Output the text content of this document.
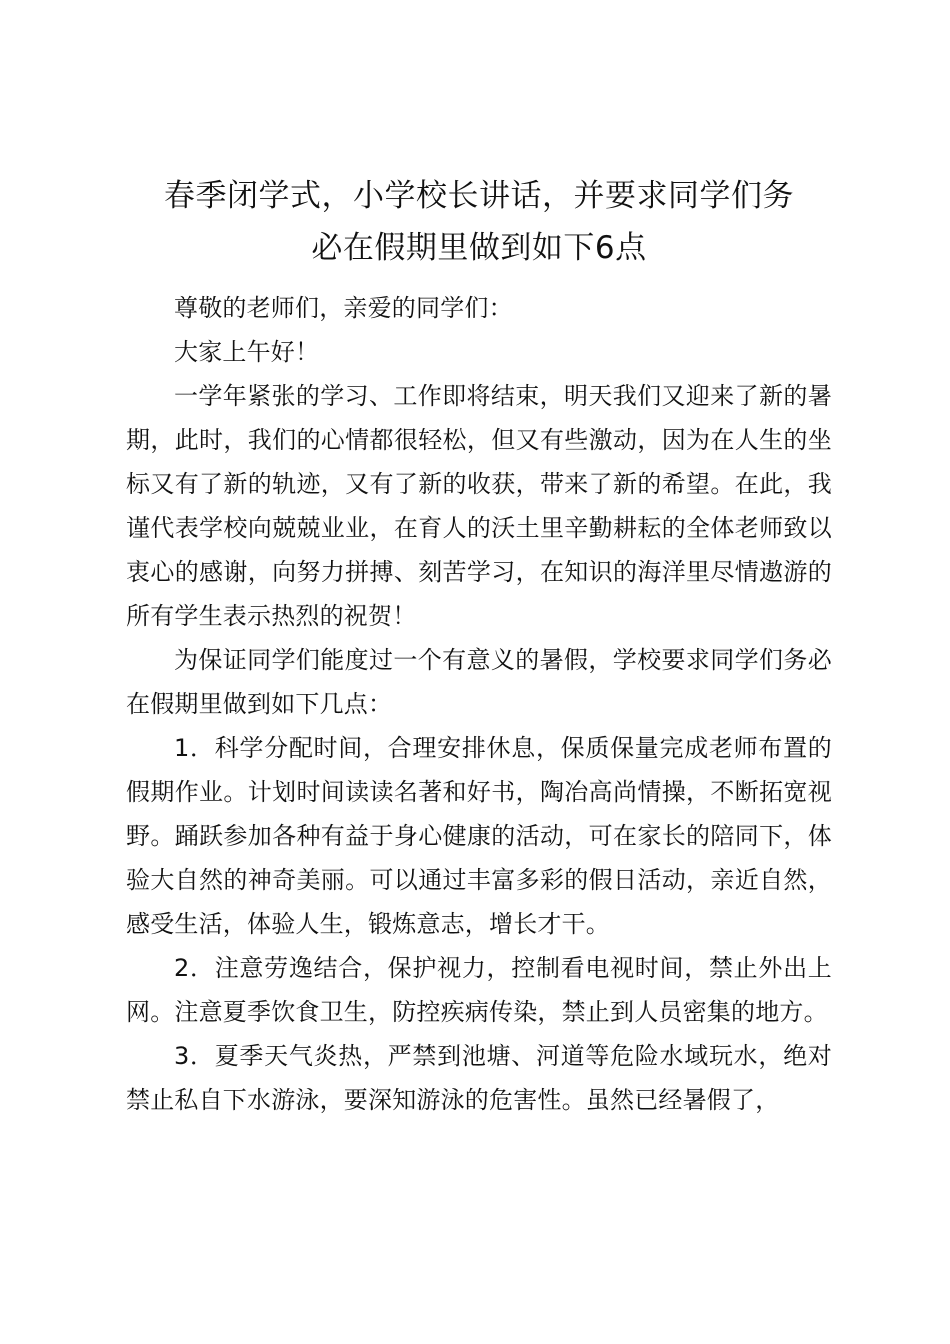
春季闭学式，小学校长讲话，并要求同学们务
必在假期里做到如下6点

尊敬的老师们，亲爱的同学们：

大家上午好！

一学年紧张的学习、工作即将结束，明天我们又迎来了新的暑期，此时，我们的心情都很轻松，但又有些激动，因为在人生的坐标又有了新的轨迹，又有了新的收获，带来了新的希望。在此，我谨代表学校向兢兢业业，在育人的沃土里辛勤耕耘的全体老师致以衷心的感谢，向努力拼搏、刻苦学习，在知识的海洋里尽情遨游的所有学生表示热烈的祝贺！

为保证同学们能度过一个有意义的暑假，学校要求同学们务必在假期里做到如下几点：

1．科学分配时间，合理安排休息，保质保量完成老师布置的假期作业。计划时间读读名著和好书，陶冶高尚情操，不断拓宽视野。踊跃参加各种有益于身心健康的活动，可在家长的陪同下，体验大自然的神奇美丽。可以通过丰富多彩的假日活动，亲近自然，感受生活，体验人生，锻炼意志，增长才干。

2．注意劳逸结合，保护视力，控制看电视时间，禁止外出上网。注意夏季饮食卫生，防控疾病传染，禁止到人员密集的地方。

3．夏季天气炎热，严禁到池塘、河道等危险水域玩水，绝对禁止私自下水游泳，要深知游泳的危害性。虽然已经暑假了，
